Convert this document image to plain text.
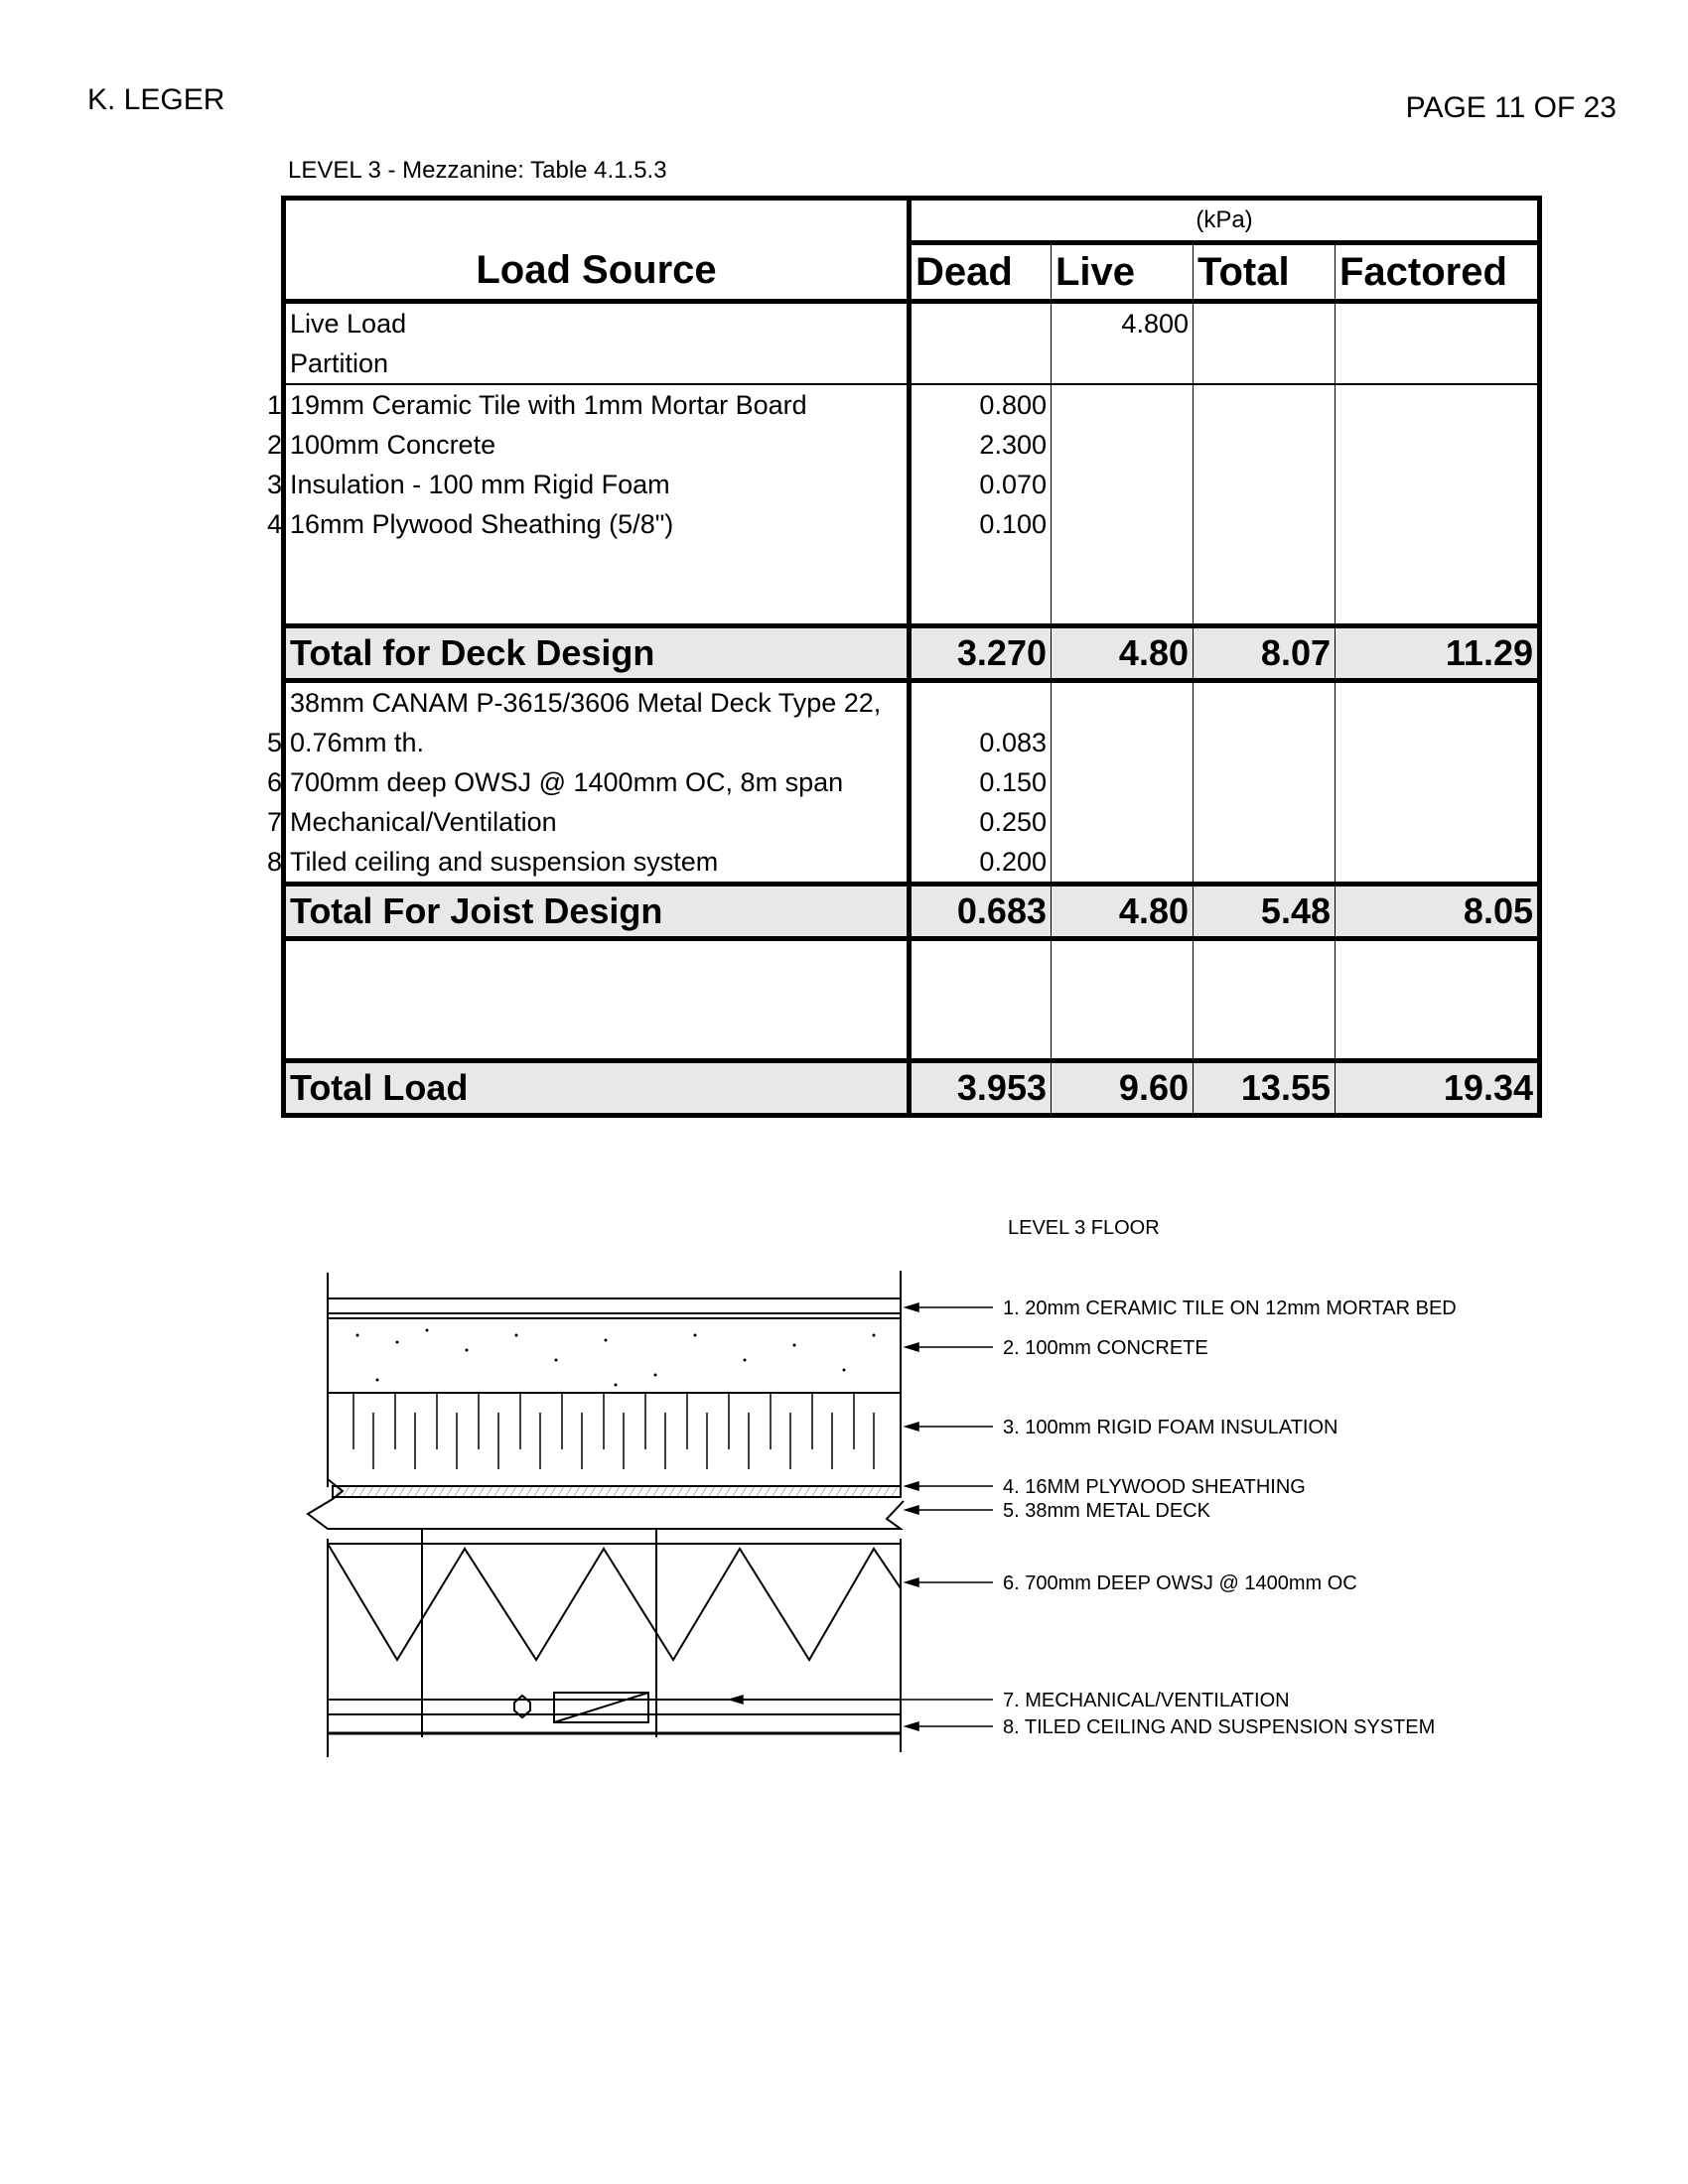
K. LEGER	PAGE 11 OF 23
LEVEL 3 - Mezzanine: Table 4.1.5.3
	(kPa)			
Load Source	Dead	Live	Total	Factored
Live Load		4.800		
Partition				

1 19mm Ceramic Tile with 1mm Mortar Board	0.800			

2 100mm Concrete	2.300			

3 Insulation - 100 mm Rigid Foam	0.070			

4 16mm Plywood Sheathing (5/8")	0.100			

Total for Deck Design	3.270	4.80	8.07	11.29
38mm CANAM P-3615/3606 Metal Deck Type 22,				

5 0.76mm th.	0.083			

6 700mm deep OWSJ @ 1400mm OC, 8m span	0.150			

7 Mechanical/Ventilation	0.250			

8 Tiled ceiling and suspension system	0.200			
Total For Joist Design	0.683	4.80	5.48	8.05

Total Load	3.953	9.60	13.55	19.34
LEVEL 3 FLOOR
1. 20mm CERAMIC TILE ON 12mm MORTAR BED
2. 100mm CONCRETE
3. 100mm RIGID FOAM INSULATION
4. 16MM PLYWOOD SHEATHING
5. 38mm METAL DECK
6. 700mm DEEP OWSJ @ 1400mm OC
7. MECHANICAL/VENTILATION
8. TILED CEILING AND SUSPENSION SYSTEM
